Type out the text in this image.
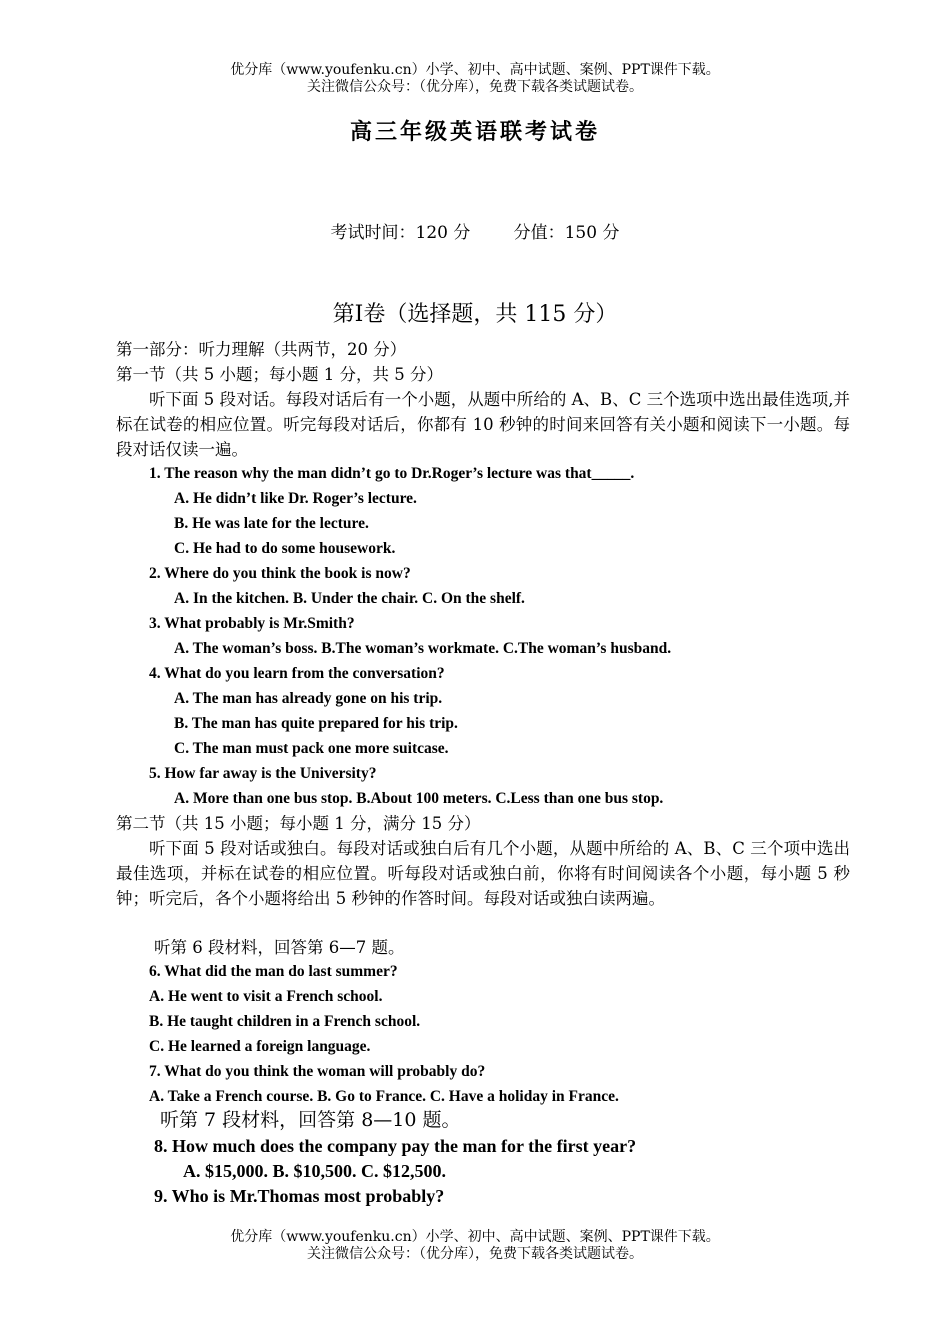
优分库（www.youfenku.cn）小学、初中、高中试题、案例、PPT课件下载。
关注微信公众号：（优分库），免费下载各类试题试卷。
高三年级英语联考试卷
考试时间：120 分        分值：150 分
第Ⅰ卷（选择题，共 115 分）
第一部分：听力理解（共两节，20 分）
第一节（共 5 小题；每小题 1 分，共 5 分）
听下面 5 段对话。每段对话后有一个小题，从题中所给的 A、B、C 三个选项中选出最佳选项,并标在试卷的相应位置。听完每段对话后，你都有 10 秒钟的时间来回答有关小题和阅读下一小题。每段对话仅读一遍。
1. The reason why the man didn’t go to Dr.Roger’s lecture was that_____.
A. He didn’t like Dr. Roger’s lecture.
B. He was late for the lecture.
C. He had to do some housework.
2. Where do you think the book is now?
A. In the kitchen. B. Under the chair. C. On the shelf.
3. What probably is Mr.Smith?
A. The woman’s boss. B.The woman’s workmate. C.The woman’s husband.
4. What do you learn from the conversation?
A. The man has already gone on his trip.
B. The man has quite prepared for his trip.
C. The man must pack one more suitcase.
5. How far away is the University?
A. More than one bus stop. B.About 100 meters. C.Less than one bus stop.
第二节（共 15 小题；每小题 1 分，满分 15 分）
听下面 5 段对话或独白。每段对话或独白后有几个小题，从题中所给的 A、B、C 三个项中选出最佳选项，并标在试卷的相应位置。听每段对话或独白前，你将有时间阅读各个小题，每小题 5 秒钟；听完后，各个小题将给出 5 秒钟的作答时间。每段对话或独白读两遍。
听第 6 段材料，回答第 6—7 题。
6. What did the man do last summer?
A. He went to visit a French school.
B. He taught children in a French school.
C. He learned a foreign language.
7. What do you think the woman will probably do?
A. Take a French course. B. Go to France. C. Have a holiday in France.
听第 7 段材料，回答第 8—10 题。
8. How much does the company pay the man for the first year?
A. $15,000. B. $10,500. C. $12,500.
9. Who is Mr.Thomas most probably?
优分库（www.youfenku.cn）小学、初中、高中试题、案例、PPT课件下载。
关注微信公众号：（优分库），免费下载各类试题试卷。
